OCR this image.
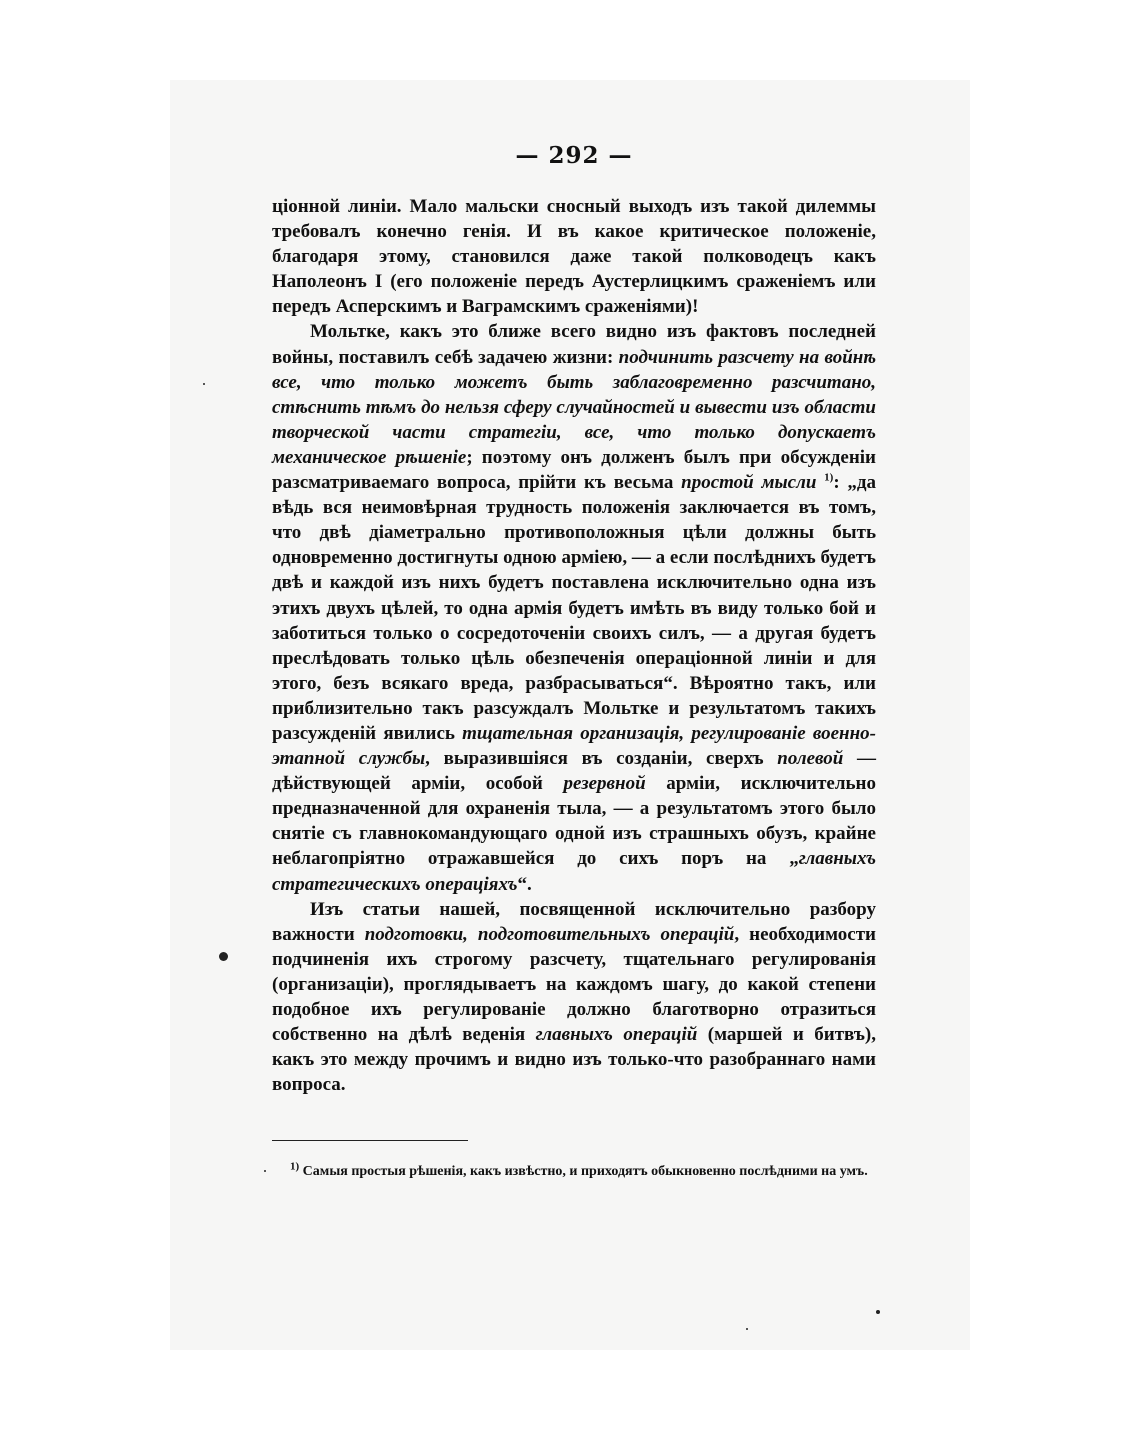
— 292 —

ціонной линіи. Мало мальски сносный выходъ изъ такой дилеммы требовалъ конечно генія. И въ какое критическое положеніе, благодаря этому, становился даже такой полководецъ какъ Наполеонъ I (его положеніе передъ Аустерлицкимъ сраженіемъ или передъ Асперскимъ и Ваграмскимъ сраженіями)!

Мольтке, какъ это ближе всего видно изъ фактовъ последней войны, поставилъ себѣ задачею жизни: подчинить разсчету на войнѣ все, что только можетъ быть заблаговременно разсчитано, стѣснить тѣмъ до нельзя сферу случайностей и вывести изъ области творческой части стратегіи, все, что только допускаетъ механическое рѣшеніе; поэтому онъ долженъ былъ при обсужденіи разсматриваемаго вопроса, прійти къ весьма простой мысли $^{1)}$: „да вѣдь вся неимовѣрная трудность положенія заключается въ томъ, что двѣ діаметрально противоположныя цѣли должны быть одновременно достигнуты одною арміею, — а если послѣднихъ будетъ двѣ и каждой изъ нихъ будетъ поставлена исключительно одна изъ этихъ двухъ цѣлей, то одна армія будетъ имѣть въ виду только бой и заботиться только о сосредоточеніи своихъ силъ, — а другая будетъ преслѣдовать только цѣль обезпеченія операціонной линіи и для этого, безъ всякаго вреда, разбрасываться“. Вѣроятно такъ, или приблизительно такъ разсуждалъ Мольтке и результатомъ такихъ разсужденій явились тщательная организація, регулированіе военно-этапной службы, выразившіяся въ созданіи, сверхъ полевой — дѣйствующей арміи, особой резервной арміи, исключительно предназначенной для охраненія тыла, — а результатомъ этого было снятіе съ главнокомандующаго одной изъ страшныхъ обузъ, крайне неблагопріятно отражавшейся до сихъ поръ на „главныхъ стратегическихъ операціяхъ“.

Изъ статьи нашей, посвященной исключительно разбору важности подготовки, подготовительныхъ операцій, необходимости подчиненія ихъ строгому разсчету, тщательнаго регулированія (организаціи), проглядываетъ на каждомъ шагу, до какой степени подобное ихъ регулированіе должно благотворно отразиться собственно на дѣлѣ веденія главныхъ операцій (маршей и битвъ), какъ это между прочимъ и видно изъ только-что разобраннаго нами вопроса.

$^{1)}$ Самыя простыя рѣшенія, какъ извѣстно, и приходятъ обыкновенно послѣдними на умъ.
